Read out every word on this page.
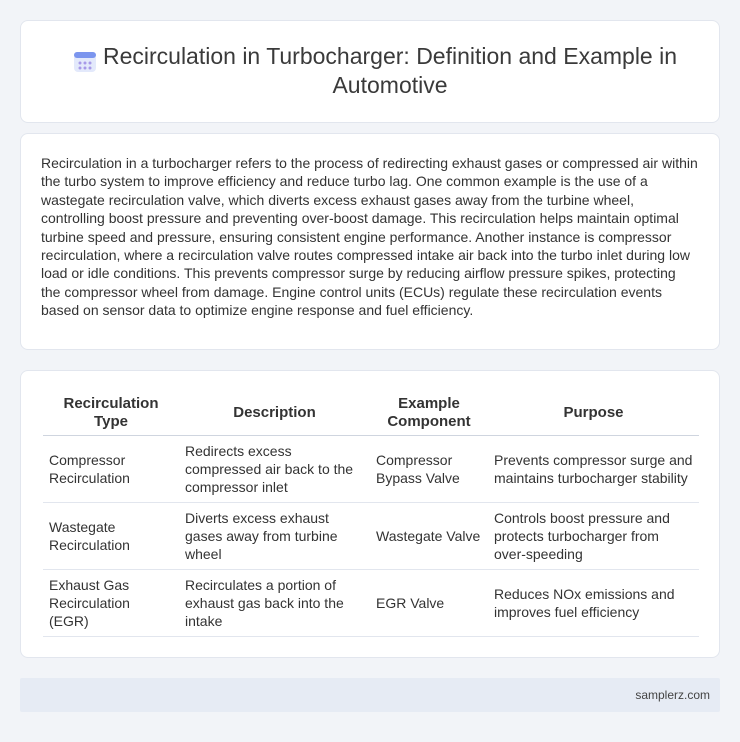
Recirculation in Turbocharger: Definition and Example in Automotive

Recirculation in a turbocharger refers to the process of redirecting exhaust gases or compressed air within the turbo system to improve efficiency and reduce turbo lag. One common example is the use of a wastegate recirculation valve, which diverts excess exhaust gases away from the turbine wheel, controlling boost pressure and preventing over-boost damage. This recirculation helps maintain optimal turbine speed and pressure, ensuring consistent engine performance. Another instance is compressor recirculation, where a recirculation valve routes compressed intake air back into the turbo inlet during low load or idle conditions. This prevents compressor surge by reducing airflow pressure spikes, protecting the compressor wheel from damage. Engine control units (ECUs) regulate these recirculation events based on sensor data to optimize engine response and fuel efficiency.

Recirculation Type	Description	Example Component	Purpose
Compressor Recirculation	Redirects excess compressed air back to the compressor inlet	Compressor Bypass Valve	Prevents compressor surge and maintains turbocharger stability
Wastegate Recirculation	Diverts excess exhaust gases away from turbine wheel	Wastegate Valve	Controls boost pressure and protects turbocharger from over-speeding
Exhaust Gas Recirculation (EGR)	Recirculates a portion of exhaust gas back into the intake	EGR Valve	Reduces NOx emissions and improves fuel efficiency
samplerz.com
